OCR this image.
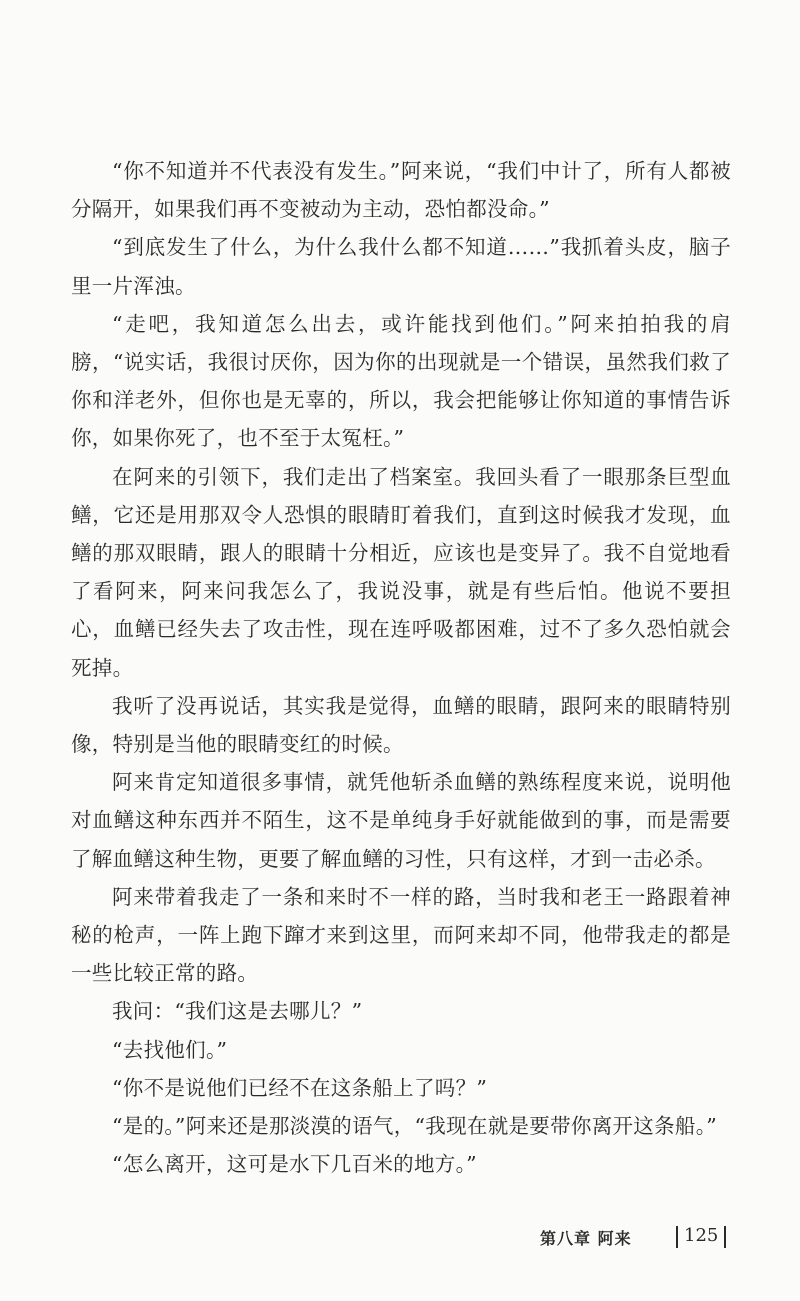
“你不知道并不代表没有发生。”阿来说，“我们中计了，所有人都被分隔开，如果我们再不变被动为主动，恐怕都没命。”

“到底发生了什么，为什么我什么都不知道……”我抓着头皮，脑子里一片浑浊。

“走吧，我知道怎么出去，或许能找到他们。”阿来拍拍我的肩膀，“说实话，我很讨厌你，因为你的出现就是一个错误，虽然我们救了你和洋老外，但你也是无辜的，所以，我会把能够让你知道的事情告诉你，如果你死了，也不至于太冤枉。”

在阿来的引领下，我们走出了档案室。我回头看了一眼那条巨型血鳝，它还是用那双令人恐惧的眼睛盯着我们，直到这时候我才发现，血鳝的那双眼睛，跟人的眼睛十分相近，应该也是变异了。我不自觉地看了看阿来，阿来问我怎么了，我说没事，就是有些后怕。他说不要担心，血鳝已经失去了攻击性，现在连呼吸都困难，过不了多久恐怕就会死掉。

我听了没再说话，其实我是觉得，血鳝的眼睛，跟阿来的眼睛特别像，特别是当他的眼睛变红的时候。

阿来肯定知道很多事情，就凭他斩杀血鳝的熟练程度来说，说明他对血鳝这种东西并不陌生，这不是单纯身手好就能做到的事，而是需要了解血鳝这种生物，更要了解血鳝的习性，只有这样，才到一击必杀。

阿来带着我走了一条和来时不一样的路，当时我和老王一路跟着神秘的枪声，一阵上跑下蹿才来到这里，而阿来却不同，他带我走的都是一些比较正常的路。

我问：“我们这是去哪儿？”

“去找他们。”

“你不是说他们已经不在这条船上了吗？”

“是的。”阿来还是那淡漠的语气，“我现在就是要带你离开这条船。”

“怎么离开，这可是水下几百米的地方。”

第八章 阿来	125
